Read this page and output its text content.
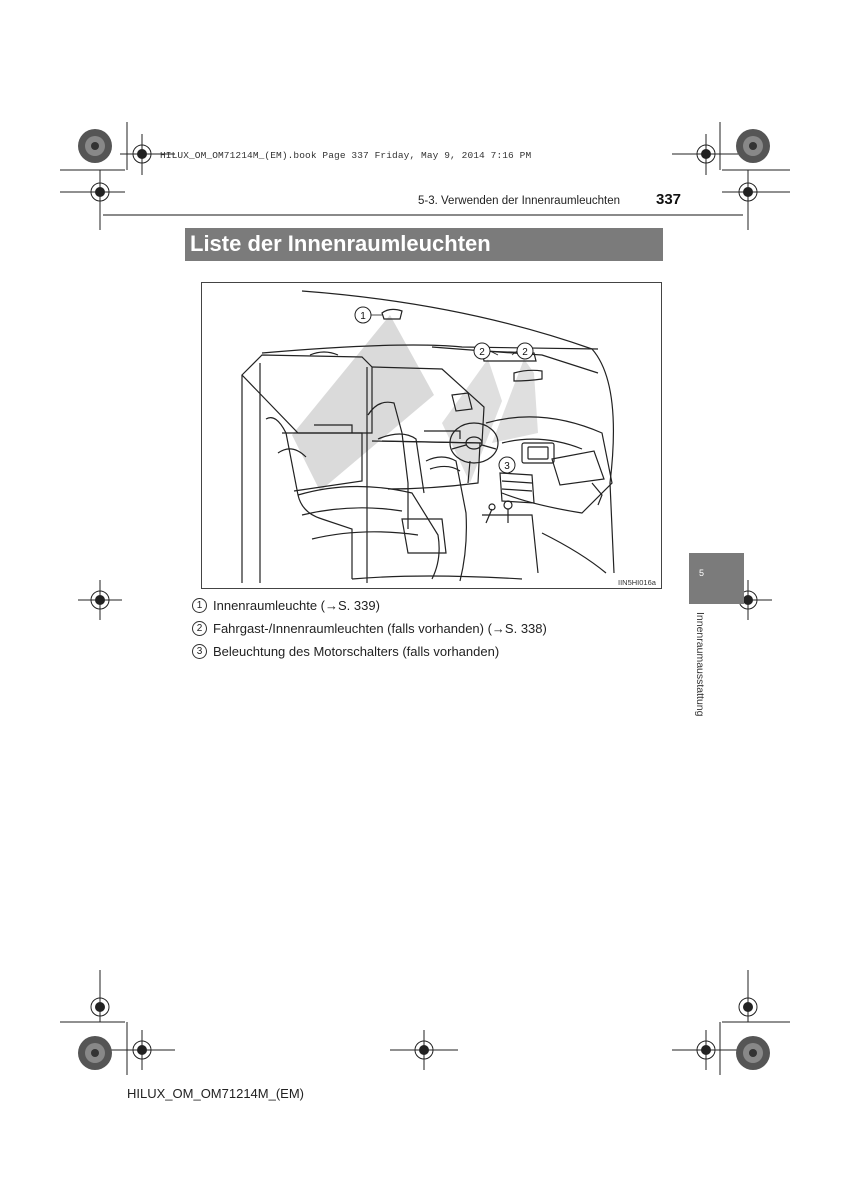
HILUX_OM_OM71214M_(EM).book Page 337 Friday, May 9, 2014 7:16 PM
5-3. Verwenden der Innenraumleuchten 337
Liste der Innenraumleuchten
1
2	2
3
IIN5HI016a
1 Innenraumleuchte (→S. 339)
2 Fahrgast-/Innenraumleuchten (falls vorhanden) (→S. 338)
3 Beleuchtung des Motorschalters (falls vorhanden)
5
Innenraumausstattung
HILUX_OM_OM71214M_(EM)
